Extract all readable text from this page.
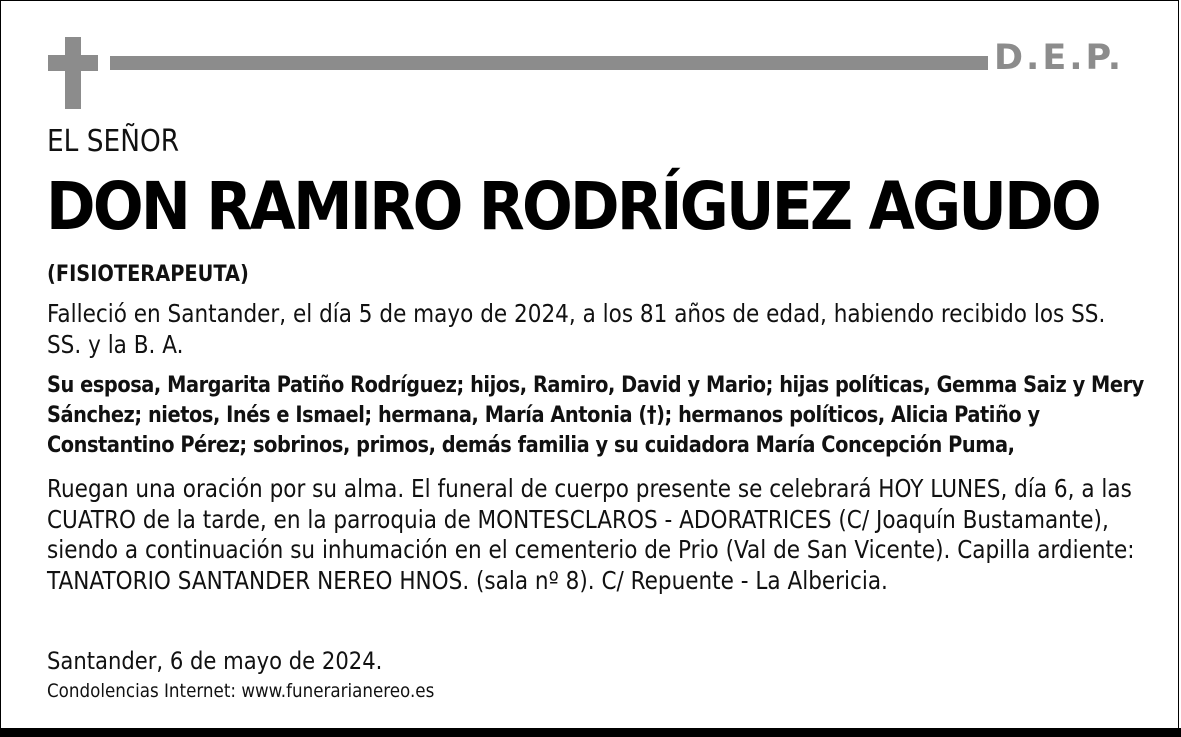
D.E.P.
EL SEÑOR
DON RAMIRO RODRÍGUEZ AGUDO
(FISIOTERAPEUTA)
Falleció en Santander, el día 5 de mayo de 2024, a los 81 años de edad, habiendo recibido los SS. SS. y la B. A.
Su esposa, Margarita Patiño Rodríguez; hijos, Ramiro, David y Mario; hijas políticas, Gemma Saiz y Mery Sánchez; nietos, Inés e Ismael; hermana, María Antonia (†); hermanos políticos, Alicia Patiño y Constantino Pérez; sobrinos, primos, demás familia y su cuidadora María Concepción Puma,
Ruegan una oración por su alma. El funeral de cuerpo presente se celebrará HOY LUNES, día 6, a las CUATRO de la tarde, en la parroquia de MONTESCLAROS - ADORATRICES (C/ Joaquín Bustamante), siendo a continuación su inhumación en el cementerio de Prio (Val de San Vicente). Capilla ardiente: TANATORIO SANTANDER NEREO HNOS. (sala nº 8). C/ Repuente - La Albericia.
Santander, 6 de mayo de 2024.
Condolencias Internet: www.funerarianereo.es
